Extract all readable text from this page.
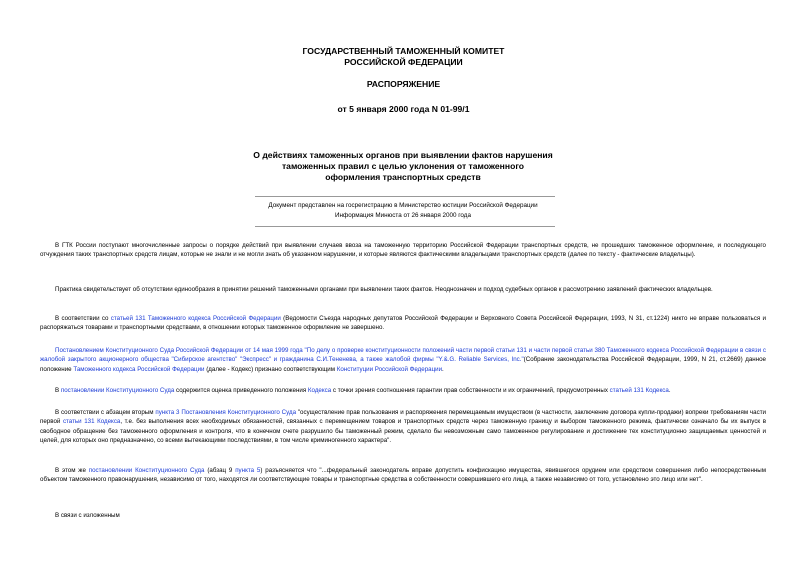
ГОСУДАРСТВЕННЫЙ ТАМОЖЕННЫЙ КОМИТЕТ
РОССИЙСКОЙ ФЕДЕРАЦИИ
РАСПОРЯЖЕНИЕ
от 5 января 2000 года N 01-99/1
О действиях таможенных органов при выявлении фактов нарушения
таможенных правил с целью уклонения от таможенного
оформления транспортных средств
Документ представлен на госрегистрацию в Министерство юстиции Российской Федерации
Информация Минюста от 26 января 2000 года
В ГТК России поступают многочисленные запросы о порядке действий при выявлении случаев ввоза на таможенную территорию Российской Федерации транспортных средств, не прошедших таможенное оформление, и последующего отчуждения таких транспортных средств лицам, которые не знали и не могли знать об указанном нарушении, и которые являются фактическими владельцами транспортных средств (далее по тексту - фактические владельцы).
Практика свидетельствует об отсутствии единообразия в принятии решений таможенными органами при выявлении таких фактов. Неоднозначен и подход судебных органов к рассмотрению заявлений фактических владельцев.
В соответствии со статьей 131 Таможенного кодекса Российской Федерации (Ведомости Съезда народных депутатов Российской Федерации и Верховного Совета Российской Федерации, 1993, N 31, ст.1224) никто не вправе пользоваться и распоряжаться товарами и транспортными средствами, в отношении которых таможенное оформление не завершено.
Постановлением Конституционного Суда Российской Федерации от 14 мая 1999 года "По делу о проверке конституционности положений части первой статьи 131 и части первой статьи 380 Таможенного кодекса Российской Федерации в связи с жалобой закрытого акционерного общества "Сибирское агентство" "Экспресс" и гражданина С.И.Тененева, а также жалобой фирмы "Y.&.G. Reliable Services, Inc."(Собрание законодательства Российской Федерации, 1999, N 21, ст.2669) данное положение Таможенного кодекса Российской Федерации (далее - Кодекс) признано соответствующим Конституции Российской Федерации.
В постановлении Конституционного Суда содержится оценка приведенного положения Кодекса с точки зрения соотношения гарантии прав собственности и их ограничений, предусмотренных статьей 131 Кодекса.
В соответствии с абзацем вторым пункта 3 Постановления Конституционного Суда "осуществление прав пользования и распоряжения перемещаемым имуществом (в частности, заключение договора купли-продажи) вопреки требованиям части первой статьи 131 Кодекса, т.е. без выполнения всех необходимых обязанностей, связанных с перемещением товаров и транспортных средств через таможенную границу и выбором таможенного режима, фактически означало бы их выпуск в свободное обращение без таможенного оформления и контроля, что в конечном счете разрушило бы таможенный режим, сделало бы невозможным само таможенное регулирование и достижение тех конституционно защищаемых ценностей и целей, для которых оно предназначено, со всеми вытекающими последствиями, в том числе криминогенного характера".
В этом же постановлении Конституционного Суда (абзац 9 пункта 5) разъясняется что "...федеральный законодатель вправе допустить конфискацию имущества, явившегося орудием или средством совершения либо непосредственным объектом таможенного правонарушения, независимо от того, находятся ли соответствующие товары и транспортные средства в собственности совершившего его лица, а также независимо от того, установлено это лицо или нет".
В связи с изложенным
